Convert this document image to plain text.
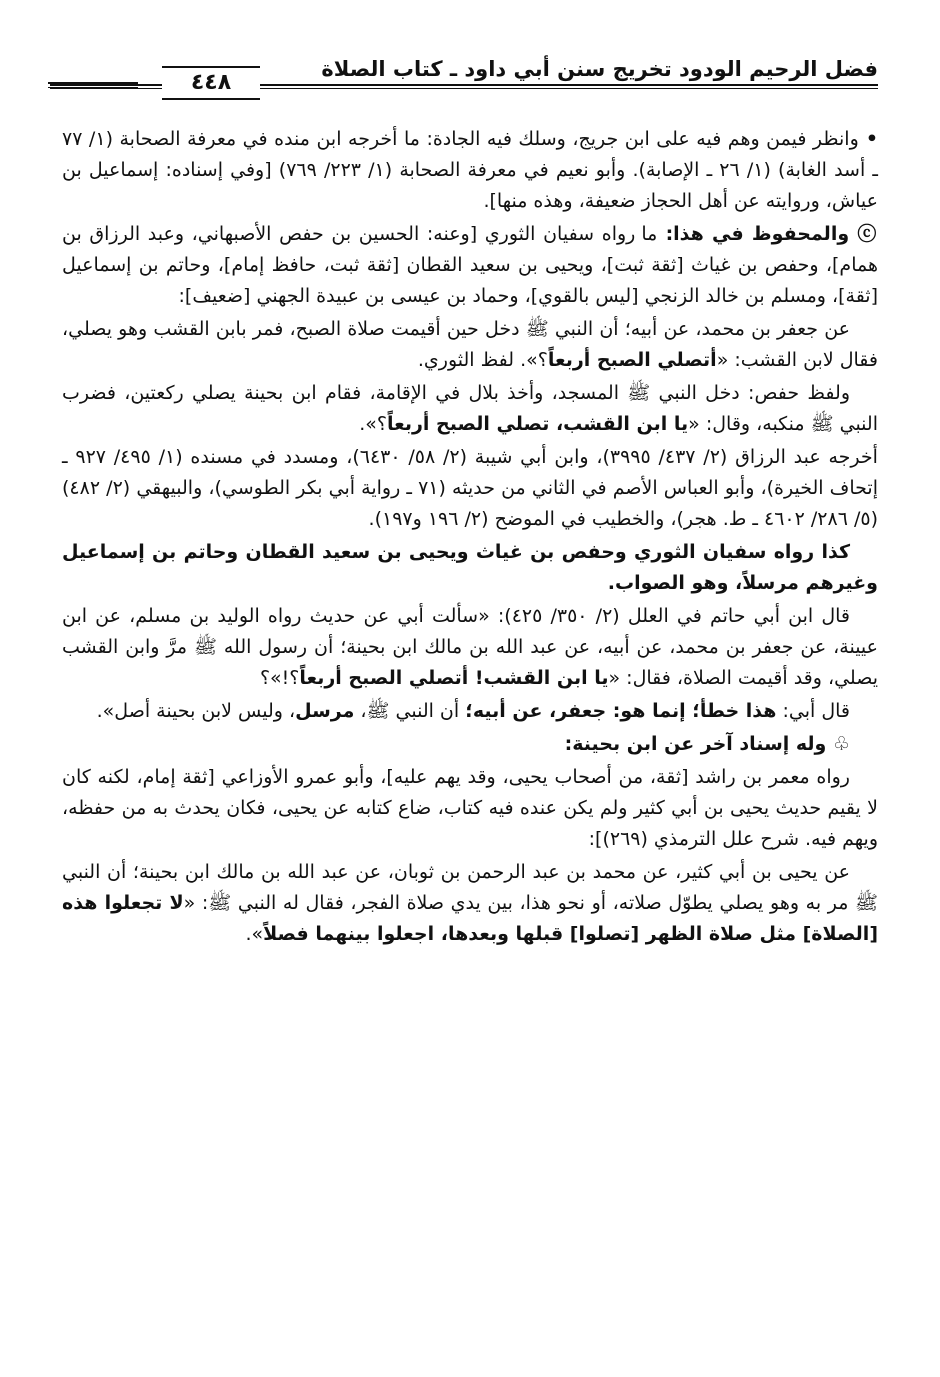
فضل الرحيم الودود تخريج سنن أبي داود ـ كتاب الصلاة
٤٤٨

• وانظر فيمن وهم فيه على ابن جريج، وسلك فيه الجادة: ما أخرجه ابن منده في معرفة الصحابة (١/ ٧٧ ـ أسد الغابة) (١/ ٢٦ ـ الإصابة). وأبو نعيم في معرفة الصحابة (١/ ٢٢٣/ ٧٦٩) [وفي إسناده: إسماعيل بن عياش، وروايته عن أهل الحجاز ضعيفة، وهذه منها].

ⓒ والمحفوظ في هذا: ما رواه سفيان الثوري [وعنه: الحسين بن حفص الأصبهاني، وعبد الرزاق بن همام]، وحفص بن غياث [ثقة ثبت]، ويحيى بن سعيد القطان [ثقة ثبت، حافظ إمام]، وحاتم بن إسماعيل [ثقة]، ومسلم بن خالد الزنجي [ليس بالقوي]، وحماد بن عيسى بن عبيدة الجهني [ضعيف]:

عن جعفر بن محمد، عن أبيه؛ أن النبي ﷺ دخل حين أقيمت صلاة الصبح، فمر بابن القشب وهو يصلي، فقال لابن القشب: «أتصلي الصبح أربعاً؟». لفظ الثوري.

ولفظ حفص: دخل النبي ﷺ المسجد، وأخذ بلال في الإقامة، فقام ابن بحينة يصلي ركعتين، فضرب النبي ﷺ منكبه، وقال: «يا ابن القشب، تصلي الصبح أربعاً؟».

أخرجه عبد الرزاق (٢/ ٤٣٧/ ٣٩٩٥)، وابن أبي شيبة (٢/ ٥٨/ ٦٤٣٠)، ومسدد في مسنده (١/ ٤٩٥/ ٩٢٧ ـ إتحاف الخيرة)، وأبو العباس الأصم في الثاني من حديثه (٧١ ـ رواية أبي بكر الطوسي)، والبيهقي (٢/ ٤٨٢) (٥/ ٢٨٦/ ٤٦٠٢ ـ ط. هجر)، والخطيب في الموضح (٢/ ١٩٦ و١٩٧).

كذا رواه سفيان الثوري وحفص بن غياث ويحيى بن سعيد القطان وحاتم بن إسماعيل وغيرهم مرسلاً، وهو الصواب.

قال ابن أبي حاتم في العلل (٢/ ٣٥٠/ ٤٢٥): «سألت أبي عن حديث رواه الوليد بن مسلم، عن ابن عيينة، عن جعفر بن محمد، عن أبيه، عن عبد الله بن مالك ابن بحينة؛ أن رسول الله ﷺ مرَّ وابن القشب يصلي، وقد أقيمت الصلاة، فقال: «يا ابن القشب! أتصلي الصبح أربعاً؟!»؟

قال أبي: هذا خطأ؛ إنما هو: جعفر، عن أبيه؛ أن النبي ﷺ، مرسل، وليس لابن بحينة أصل».

♧ وله إسناد آخر عن ابن بحينة:

رواه معمر بن راشد [ثقة، من أصحاب يحيى، وقد يهم عليه]، وأبو عمرو الأوزاعي [ثقة إمام، لكنه كان لا يقيم حديث يحيى بن أبي كثير ولم يكن عنده فيه كتاب، ضاع كتابه عن يحيى، فكان يحدث به من حفظه، ويهم فيه. شرح علل الترمذي (٢٦٩)]:

عن يحيى بن أبي كثير، عن محمد بن عبد الرحمن بن ثوبان، عن عبد الله بن مالك ابن بحينة؛ أن النبي ﷺ مر به وهو يصلي يطوّل صلاته، أو نحو هذا، بين يدي صلاة الفجر، فقال له النبي ﷺ: «لا تجعلوا هذه [الصلاة] مثل صلاة الظهر [تصلوا] قبلها وبعدها، اجعلوا بينهما فصلاً».
